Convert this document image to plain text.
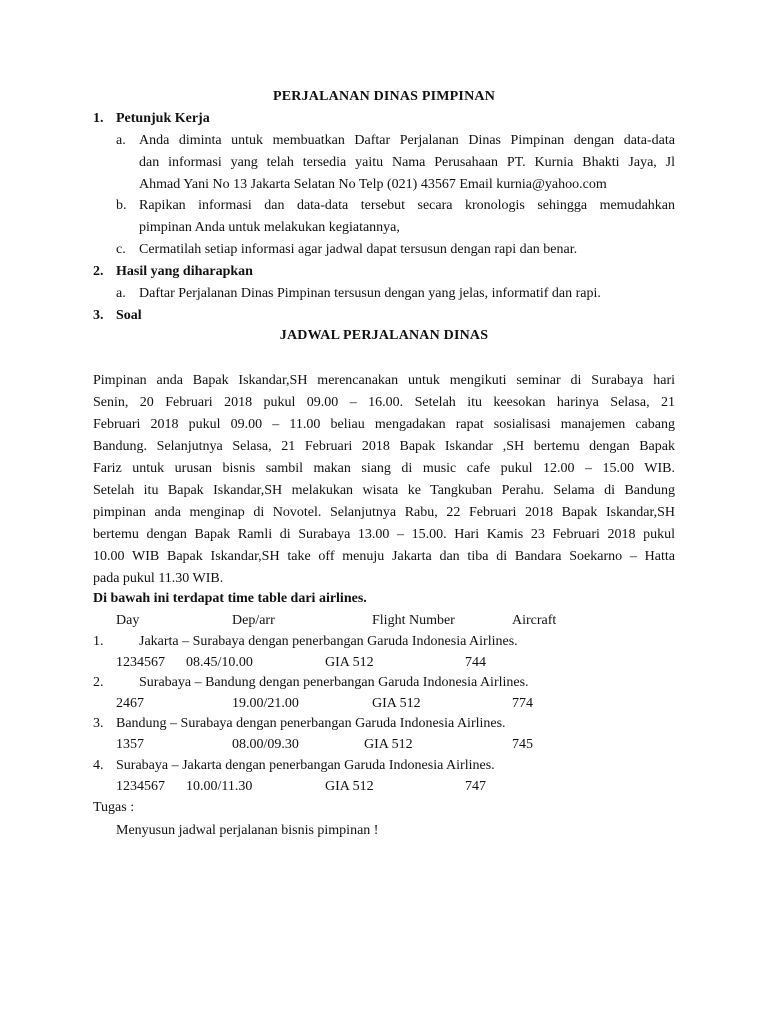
PERJALANAN DINAS PIMPINAN
1. Petunjuk Kerja
a. Anda diminta untuk membuatkan Daftar Perjalanan Dinas Pimpinan dengan data-data
dan informasi yang telah tersedia yaitu Nama Perusahaan PT. Kurnia Bhakti Jaya, Jl
Ahmad Yani No 13 Jakarta Selatan No Telp (021) 43567 Email kurnia@yahoo.com
b. Rapikan informasi dan data-data tersebut secara kronologis sehingga memudahkan
pimpinan Anda untuk melakukan kegiatannya,
c. Cermatilah setiap informasi agar jadwal dapat tersusun dengan rapi dan benar.
2. Hasil yang diharapkan
a. Daftar Perjalanan Dinas Pimpinan tersusun dengan yang jelas, informatif dan rapi.
3. Soal
JADWAL PERJALANAN DINAS
Pimpinan anda Bapak Iskandar,SH merencanakan untuk mengikuti seminar di Surabaya hari
Senin, 20 Februari 2018 pukul 09.00 – 16.00. Setelah itu keesokan harinya Selasa, 21
Februari 2018 pukul 09.00 – 11.00 beliau mengadakan rapat sosialisasi manajemen cabang
Bandung. Selanjutnya Selasa, 21 Februari 2018 Bapak Iskandar ,SH bertemu dengan Bapak
Fariz untuk urusan bisnis sambil makan siang di music cafe pukul 12.00 – 15.00 WIB.
Setelah itu Bapak Iskandar,SH melakukan wisata ke Tangkuban Perahu. Selama di Bandung
pimpinan anda menginap di Novotel. Selanjutnya Rabu, 22 Februari 2018 Bapak Iskandar,SH
bertemu dengan Bapak Ramli di Surabaya 13.00 – 15.00. Hari Kamis 23 Februari 2018 pukul
10.00 WIB Bapak Iskandar,SH take off menuju Jakarta dan tiba di Bandara Soekarno – Hatta
pada pukul 11.30 WIB.
Di bawah ini terdapat time table dari airlines.
Day	Dep/arr	Flight Number	Aircraft
1.	Jakarta – Surabaya dengan penerbangan Garuda Indonesia Airlines.
1234567 08.45/10.00	GIA 512	744
2.	Surabaya – Bandung dengan penerbangan Garuda Indonesia Airlines.
2467	19.00/21.00	GIA 512	774
3. Bandung – Surabaya dengan penerbangan Garuda Indonesia Airlines.
1357	08.00/09.30	GIA 512	745
4. Surabaya – Jakarta dengan penerbangan Garuda Indonesia Airlines.
1234567 10.00/11.30	GIA 512	747
Tugas :
Menyusun jadwal perjalanan bisnis pimpinan !
